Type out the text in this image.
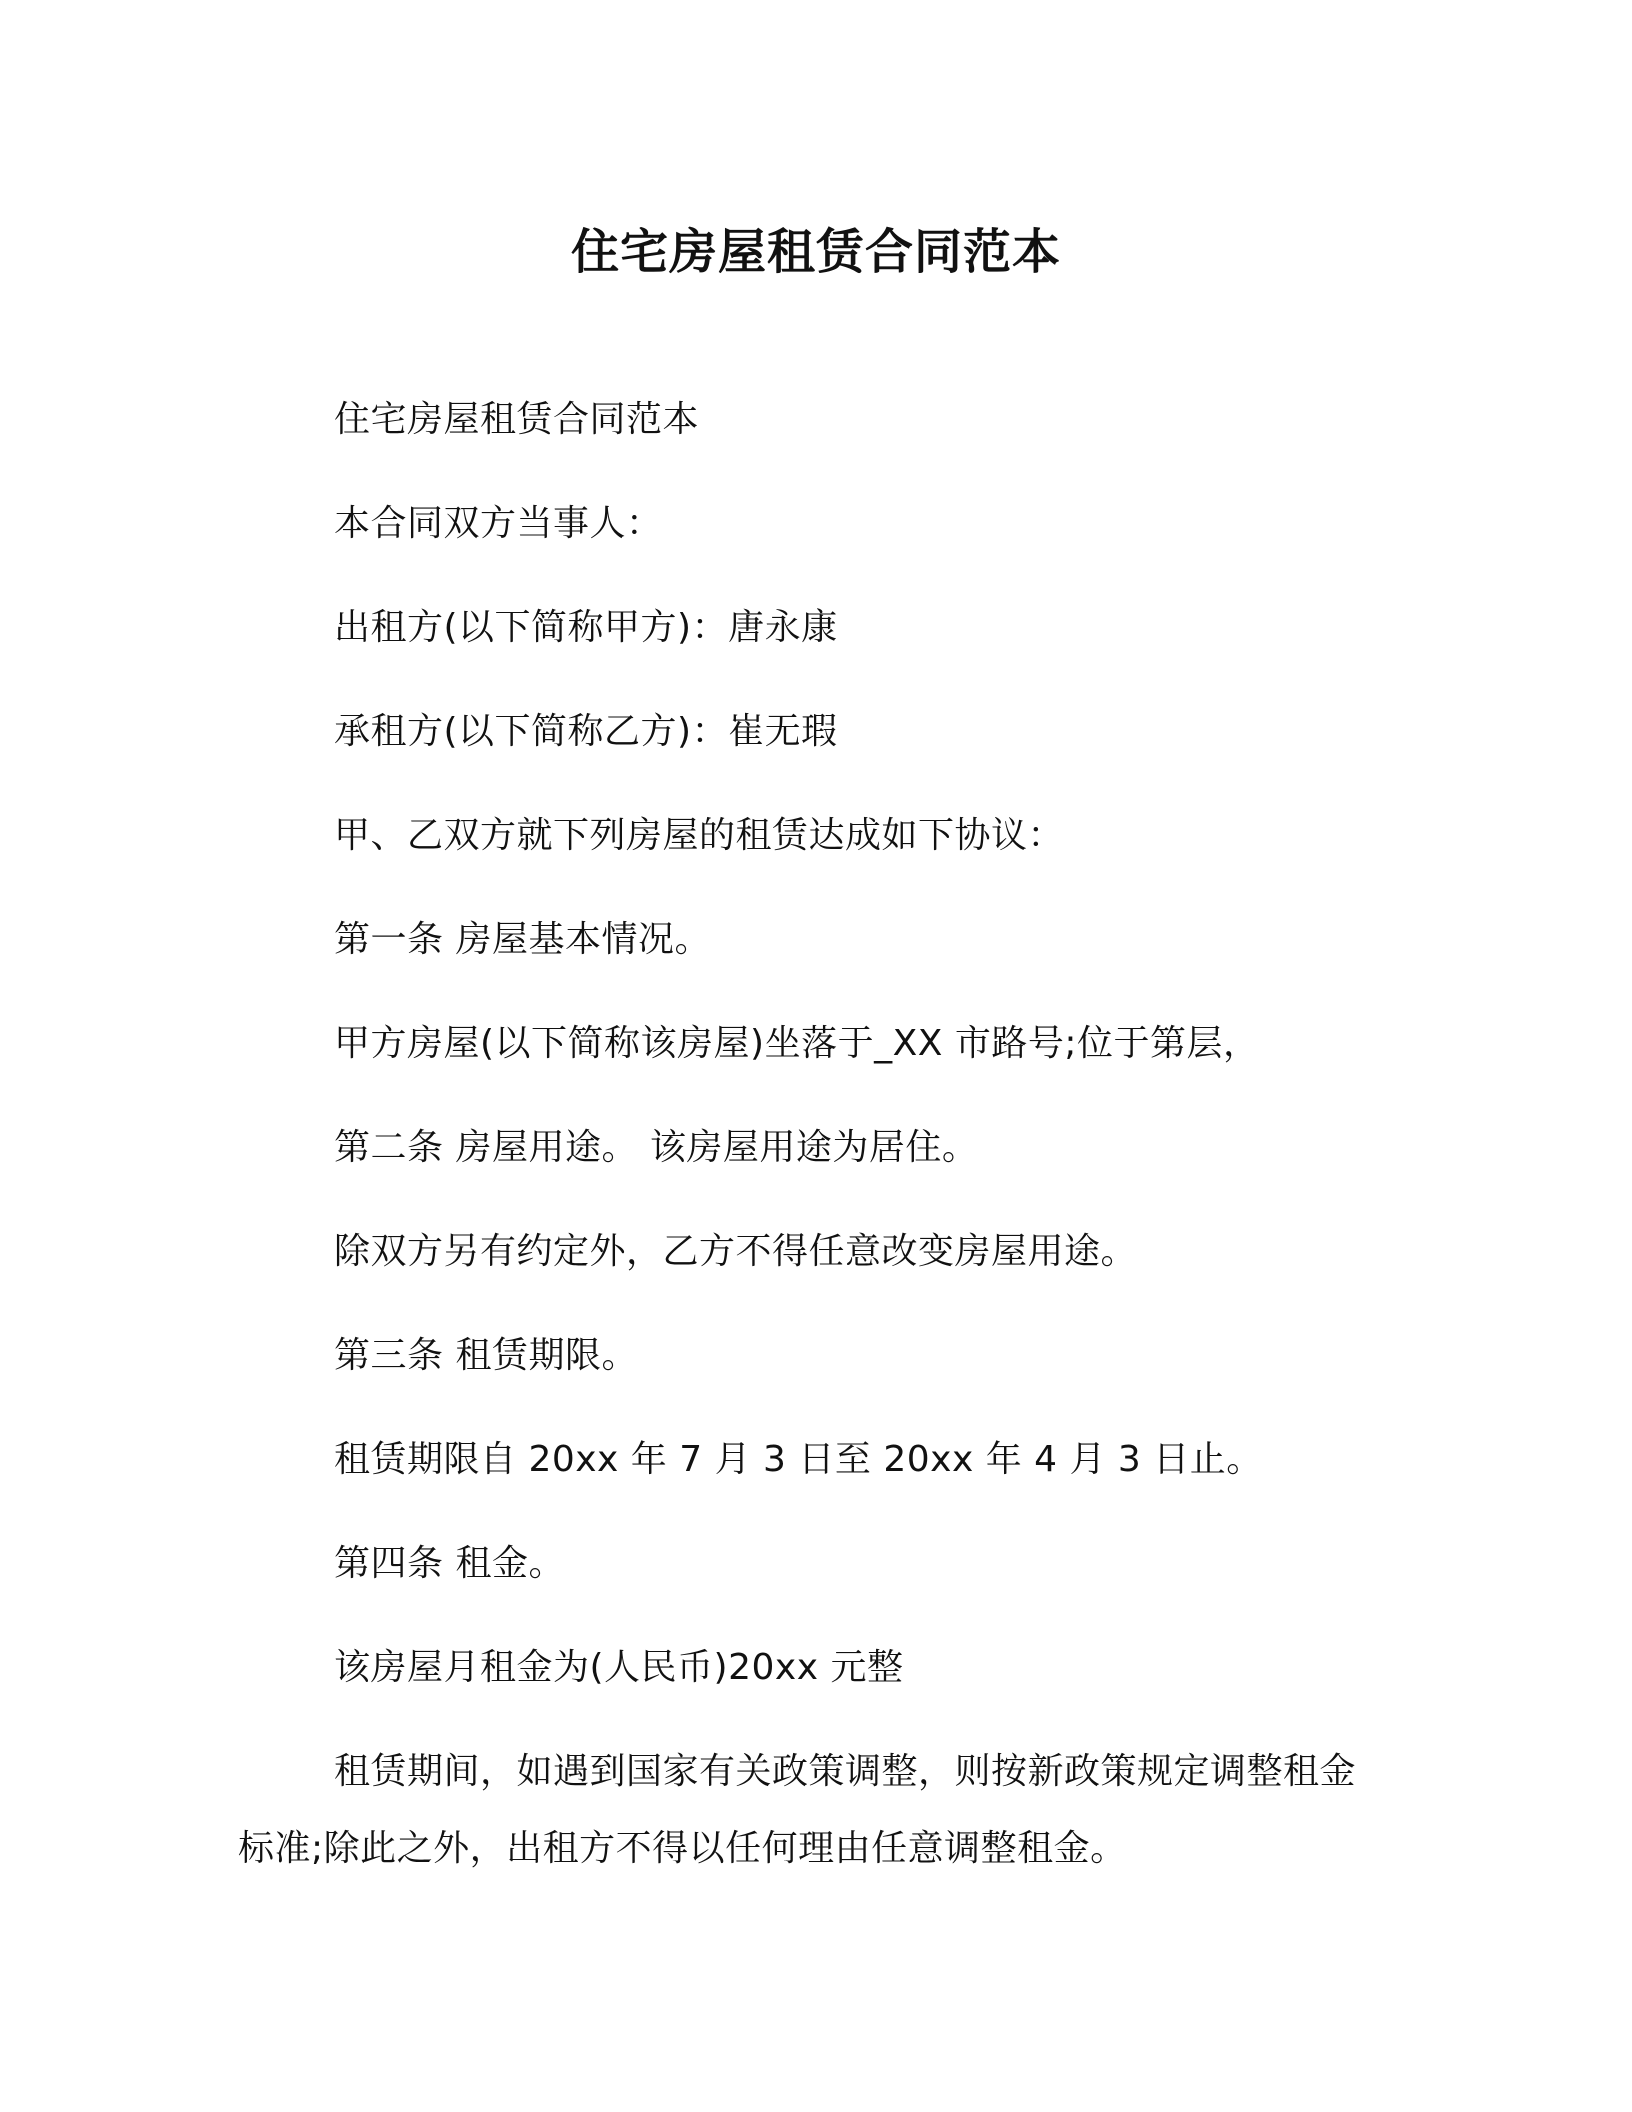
住宅房屋租赁合同范本
住宅房屋租赁合同范本
本合同双方当事人：
出租方(以下简称甲方)：唐永康
承租方(以下简称乙方)：崔无瑕
甲、乙双方就下列房屋的租赁达成如下协议：
第一条 房屋基本情况。
甲方房屋(以下简称该房屋)坐落于_XX 市路号;位于第层，
第二条 房屋用途。 该房屋用途为居住。
除双方另有约定外，乙方不得任意改变房屋用途。
第三条 租赁期限。
租赁期限自 20xx 年 7 月 3 日至 20xx 年 4 月 3 日止。
第四条 租金。
该房屋月租金为(人民币)20xx 元整
租赁期间，如遇到国家有关政策调整，则按新政策规定调整租金
标准;除此之外，出租方不得以任何理由任意调整租金。
